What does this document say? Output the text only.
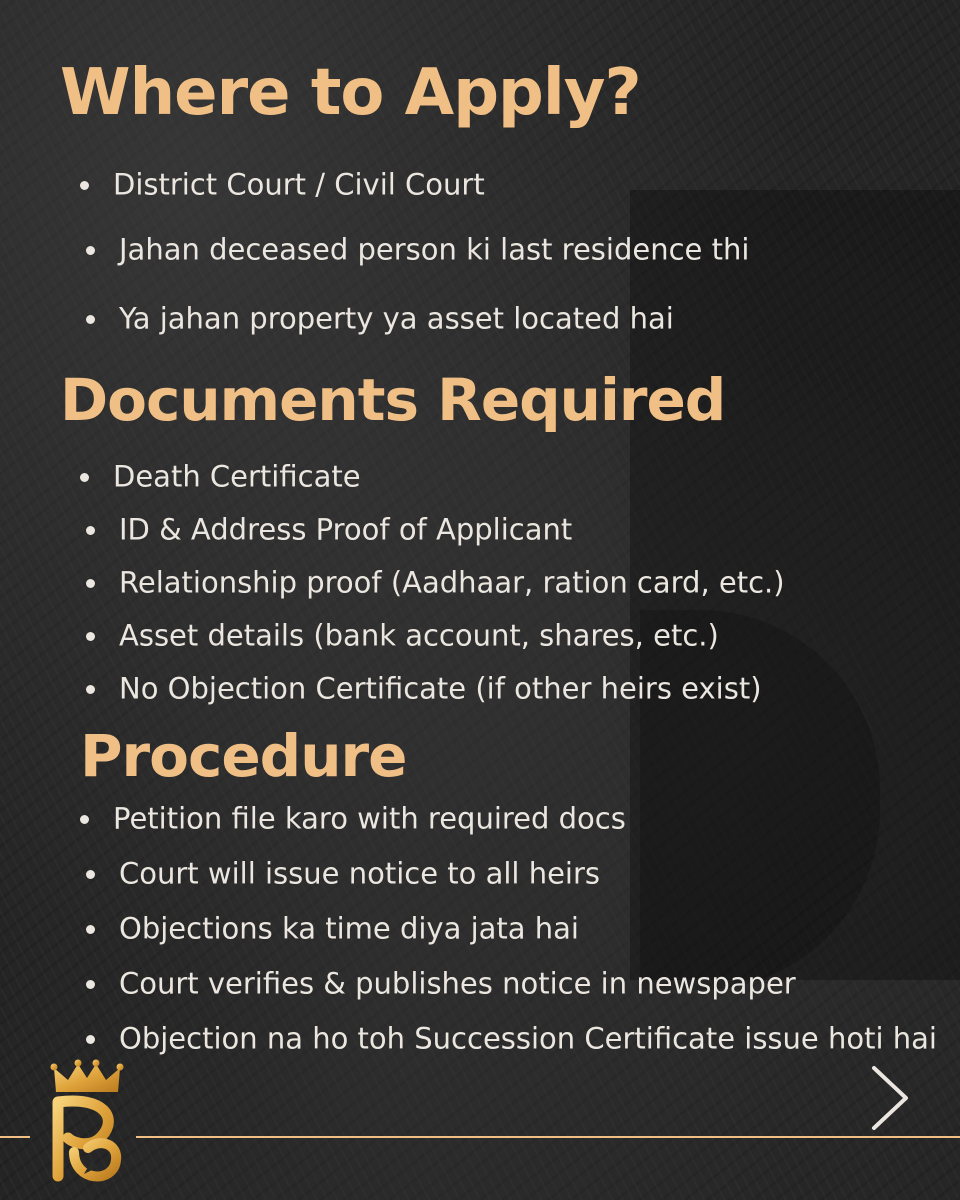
Where to Apply?
District Court / Civil Court
Jahan deceased person ki last residence thi
Ya jahan property ya asset located hai
Documents Required
Death Certificate
ID & Address Proof of Applicant
Relationship proof (Aadhaar, ration card, etc.)
Asset details (bank account, shares, etc.)
No Objection Certificate (if other heirs exist)
Procedure
Petition file karo with required docs
Court will issue notice to all heirs
Objections ka time diya jata hai
Court verifies & publishes notice in newspaper
Objection na ho toh Succession Certificate issue hoti hai
